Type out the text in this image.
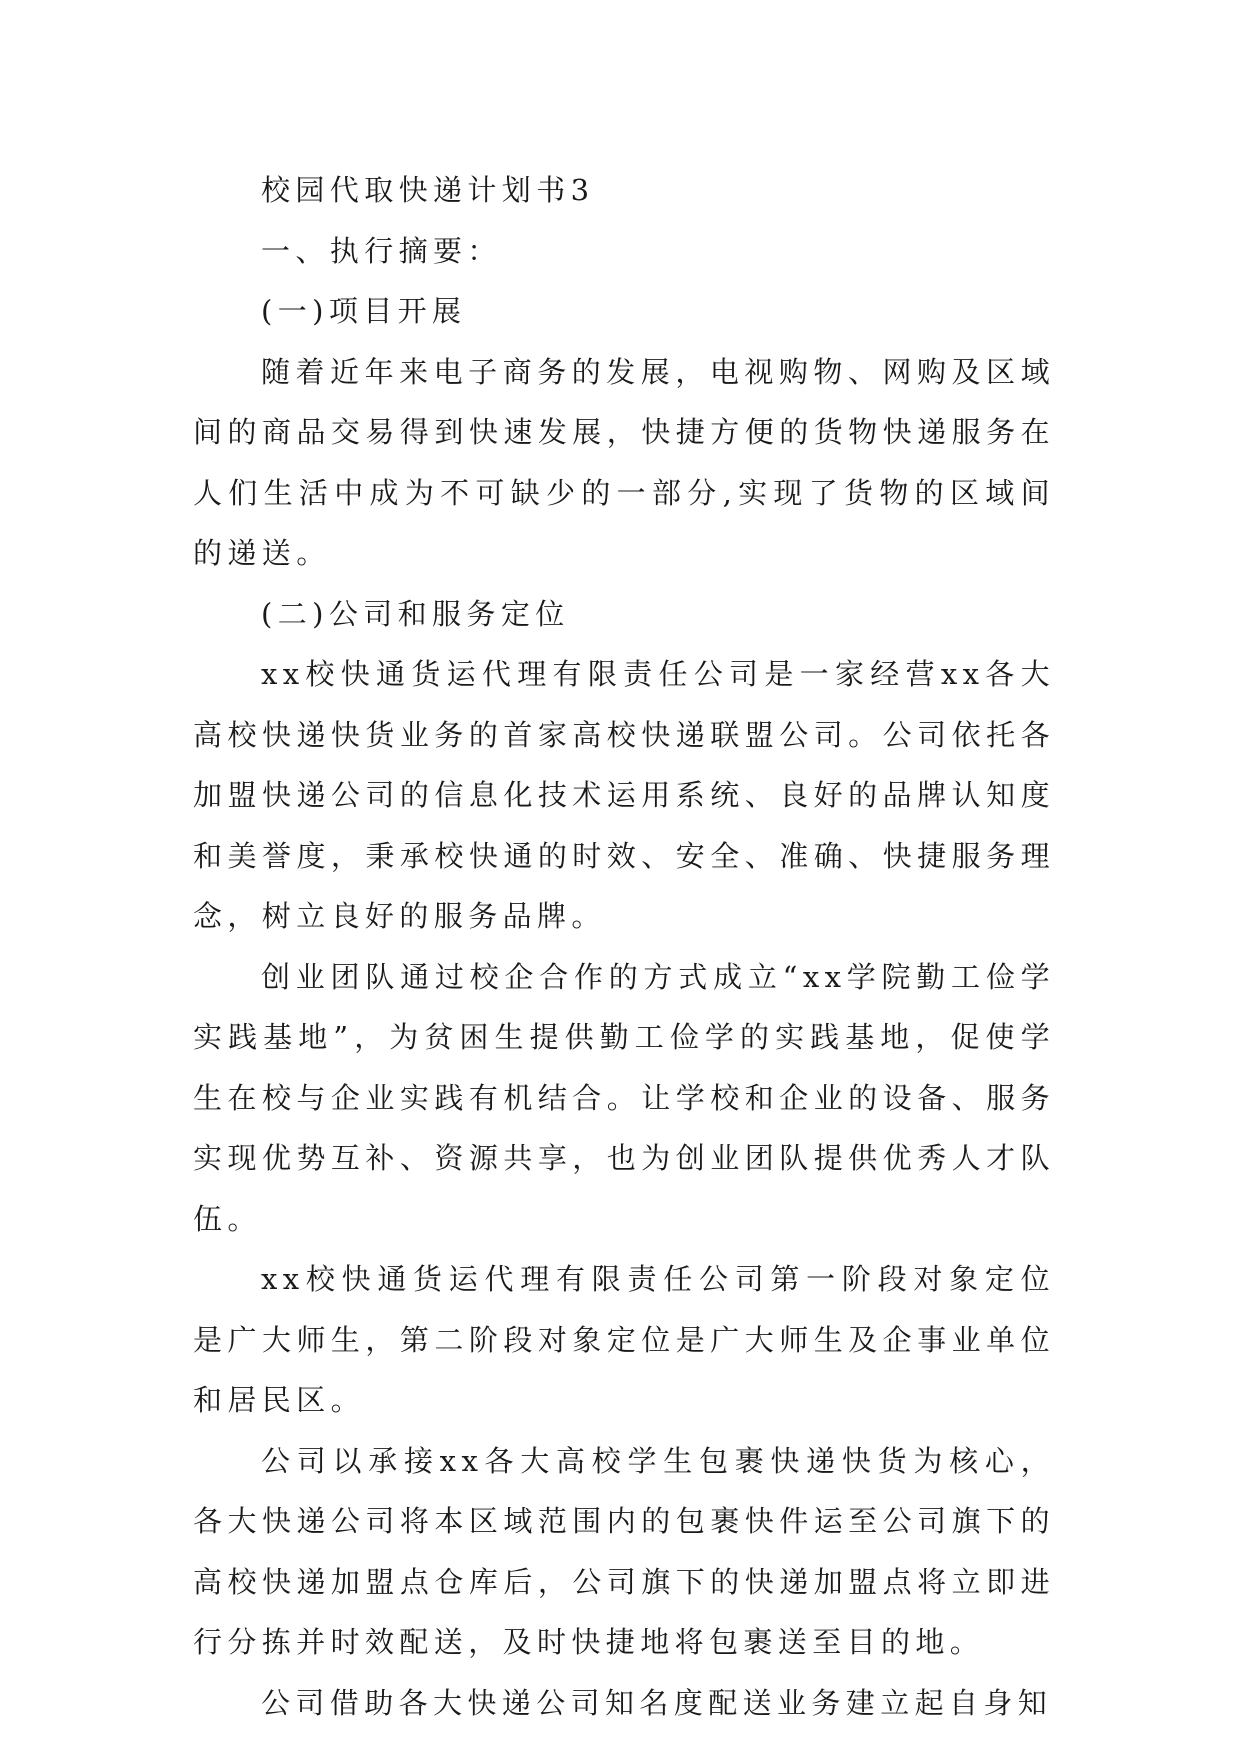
校园代取快递计划书3

一、执行摘要：

(一)项目开展

随着近年来电子商务的发展，电视购物、网购及区域间的商品交易得到快速发展，快捷方便的货物快递服务在人们生活中成为不可缺少的一部分,实现了货物的区域间的递送。

(二)公司和服务定位

xx校快通货运代理有限责任公司是一家经营xx各大高校快递快货业务的首家高校快递联盟公司。公司依托各加盟快递公司的信息化技术运用系统、良好的品牌认知度和美誉度，秉承校快通的时效、安全、准确、快捷服务理念，树立良好的服务品牌。

创业团队通过校企合作的方式成立“xx学院勤工俭学实践基地”，为贫困生提供勤工俭学的实践基地，促使学生在校与企业实践有机结合。让学校和企业的设备、服务实现优势互补、资源共享，也为创业团队提供优秀人才队伍。

xx校快通货运代理有限责任公司第一阶段对象定位是广大师生，第二阶段对象定位是广大师生及企事业单位和居民区。

公司以承接xx各大高校学生包裹快递快货为核心，各大快递公司将本区域范围内的包裹快件运至公司旗下的高校快递加盟点仓库后，公司旗下的快递加盟点将立即进行分拣并时效配送，及时快捷地将包裹送至目的地。

公司借助各大快递公司知名度配送业务建立起自身知
